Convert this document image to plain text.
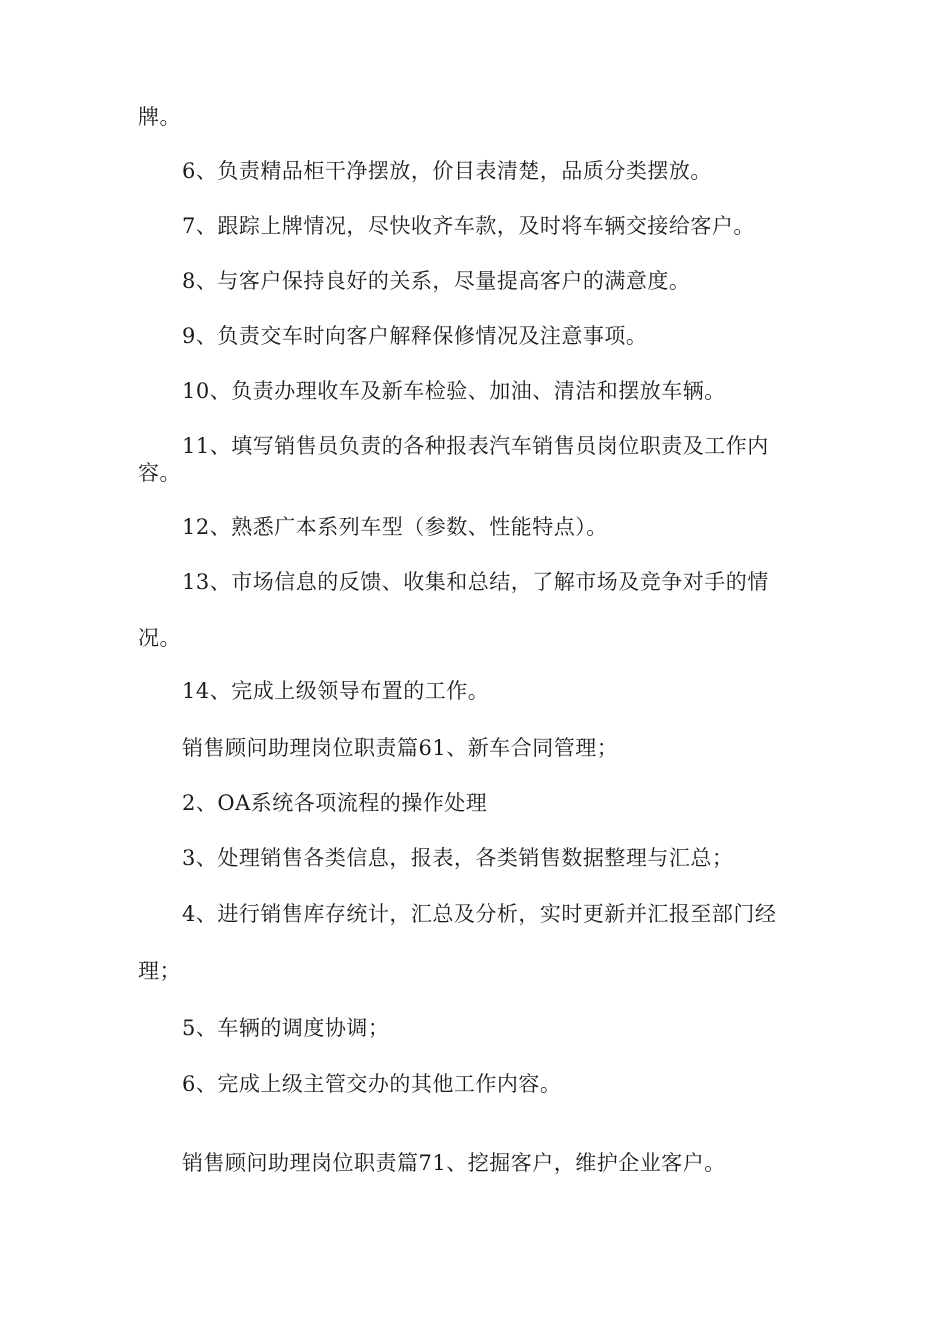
牌。
6、负责精品柜干净摆放，价目表清楚，品质分类摆放。
7、跟踪上牌情况，尽快收齐车款，及时将车辆交接给客户。
8、与客户保持良好的关系，尽量提高客户的满意度。
9、负责交车时向客户解释保修情况及注意事项。
10、负责办理收车及新车检验、加油、清洁和摆放车辆。
11、填写销售员负责的各种报表汽车销售员岗位职责及工作内
容。
12、熟悉广本系列车型（参数、性能特点）。
13、市场信息的反馈、收集和总结，了解市场及竞争对手的情
况。
14、完成上级领导布置的工作。
销售顾问助理岗位职责篇61、新车合同管理；
2、OA系统各项流程的操作处理
3、处理销售各类信息，报表，各类销售数据整理与汇总；
4、进行销售库存统计，汇总及分析，实时更新并汇报至部门经
理；
5、车辆的调度协调；
6、完成上级主管交办的其他工作内容。
销售顾问助理岗位职责篇71、挖掘客户，维护企业客户。
